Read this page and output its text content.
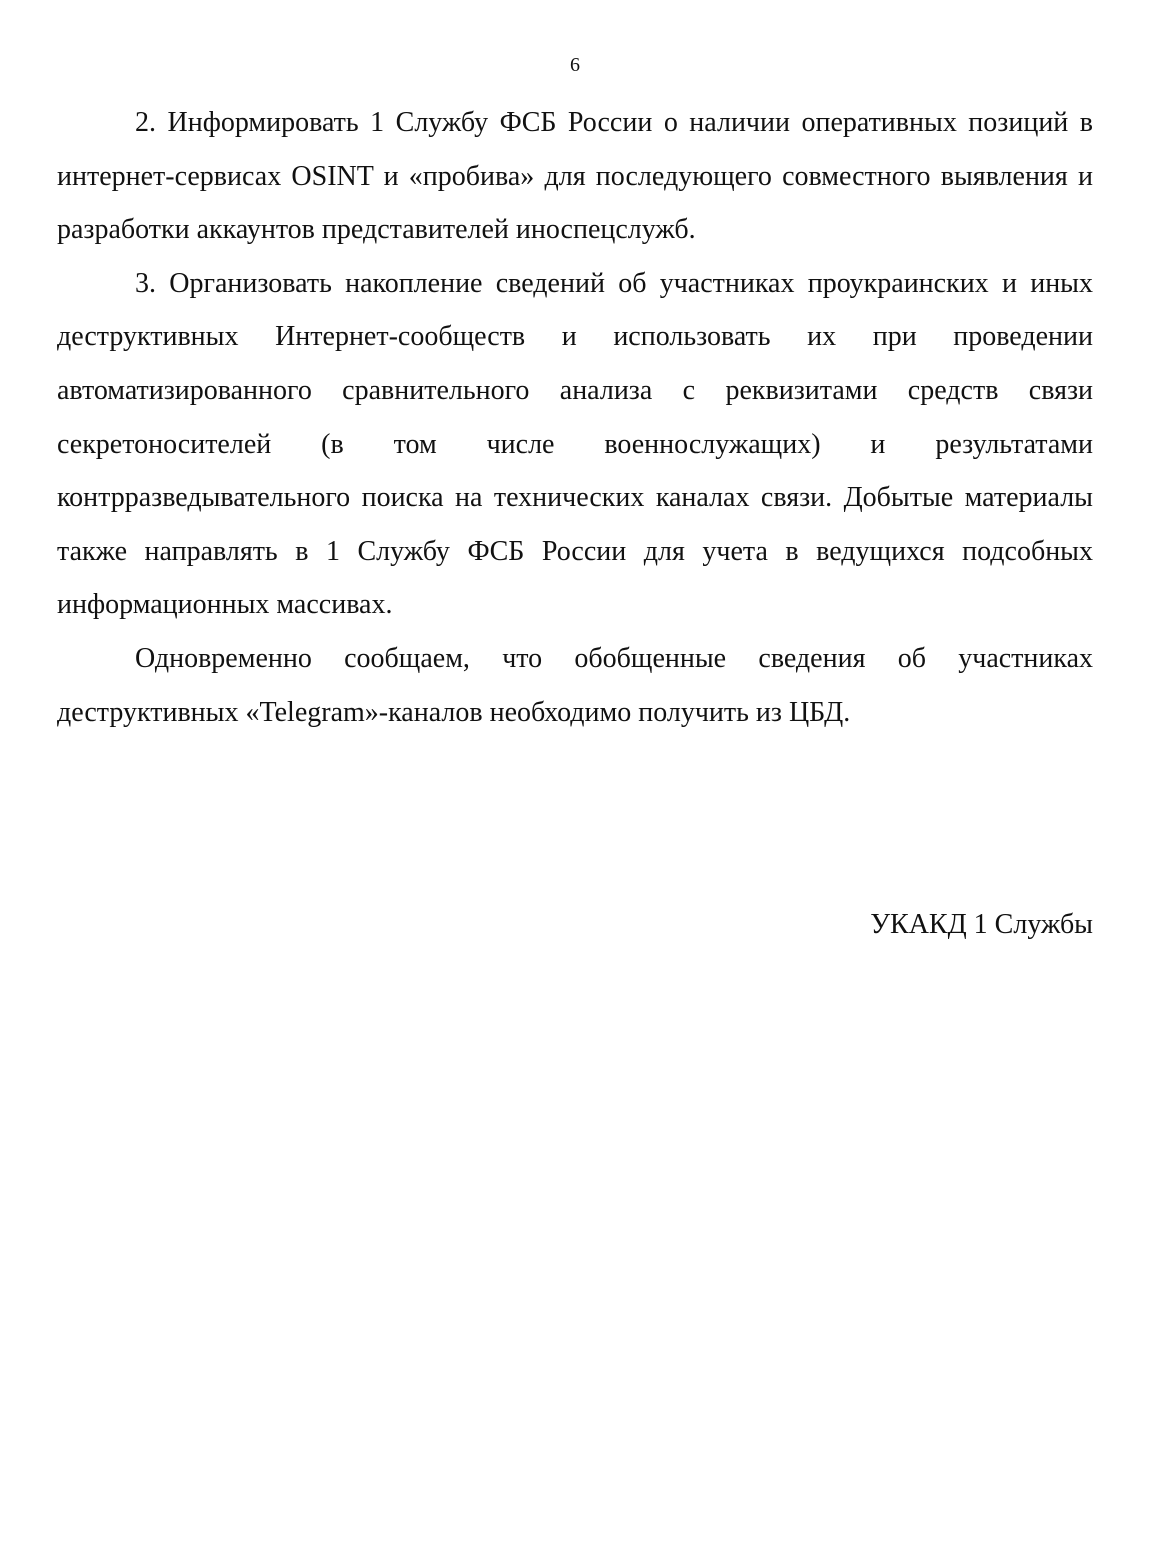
6

2. Информировать 1 Службу ФСБ России о наличии оперативных позиций в интернет-сервисах OSINT и «пробива» для последующего совместного выявления и разработки аккаунтов представителей иноспецслужб.

3. Организовать накопление сведений об участниках проукраинских и иных деструктивных Интернет-сообществ и использовать их при проведении автоматизированного сравнительного анализа с реквизитами средств связи секретоносителей (в том числе военнослужащих) и результатами контрразведывательного поиска на технических каналах связи. Добытые материалы также направлять в 1 Службу ФСБ России для учета в ведущихся подсобных информационных массивах.

Одновременно сообщаем, что обобщенные сведения об участниках деструктивных «Telegram»-каналов необходимо получить из ЦБД.

УКАКД 1 Службы
